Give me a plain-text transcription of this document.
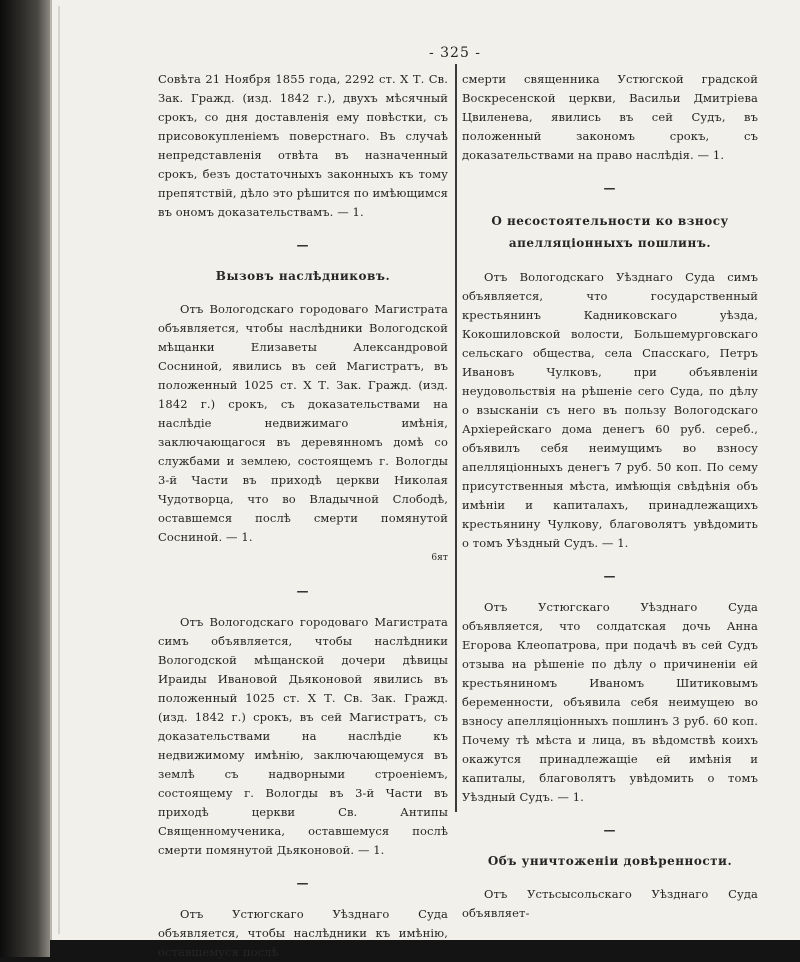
- 325 -

Совѣта 21 Ноября 1855 года, 2292 ст. Х Т. Св. Зак. Гражд. (изд. 1842 г.), двухъ мѣсячный срокъ, со дня доставленія ему повѣстки, съ присовокупленіемъ поверстнаго. Въ случаѣ непредставленія отвѣта въ назначенный срокъ, безъ достаточныхъ законныхъ къ тому препятствій, дѣло это рѣшится по имѣющимся въ ономъ доказательствамъ. — 1.

—
Вызовъ наслѣдниковъ.

Отъ Вологодскаго городоваго Магистрата объявляется, чтобы наслѣдники Вологодской мѣщанки Елизаветы Александровой Сосниной, явились въ сей Магистратъ, въ положенный 1025 ст. Х Т. Зак. Гражд. (изд. 1842 г.) срокъ, съ доказательствами на наслѣдіе недвижимаго имѣнія, заключающагося въ деревянномъ домѣ со службами и землею, состоящемъ г. Вологды 3-й Части въ приходѣ церкви Николая Чудотворца, что во Владычной Слободѣ, оставшемся послѣ смерти помянутой Сосниной. — 1.

6ят
—

Отъ Вологодскаго городоваго Магистрата симъ объявляется, чтобы наслѣдники Вологодской мѣщанской дочери дѣвицы Ираиды Ивановой Дьяконовой явились въ положенный 1025 ст. Х Т. Св. Зак. Гражд. (изд. 1842 г.) срокъ, въ сей Магистратъ, съ доказательствами на наслѣдіе къ недвижимому имѣнію, заключающемуся въ землѣ съ надворными строеніемъ, состоящему г. Вологды въ 3-й Части въ приходѣ церкви Св. Антипы Священномученика, оставшемуся послѣ смерти помянутой Дьяконовой. — 1.

—

Отъ Устюгскаго Уѣзднаго Суда объявляется, чтобы наслѣдники къ имѣнію, оставшемуся послѣ

смерти священника Устюгской градской Воскресенской церкви, Васильи Дмитріева Цвиленева, явились въ сей Судъ, въ положенный закономъ срокъ, съ доказательствами на право наслѣдія. — 1.

—
О несостоятельности ко взносу апелляціонныхъ пошлинъ.

Отъ Вологодскаго Уѣзднаго Суда симъ объявляется, что государственный крестьянинъ Кадниковскаго уѣзда, Кокошиловской волости, Большемурговскаго сельскаго общества, села Спасскаго, Петръ Ивановъ Чулковъ, при объявленіи неудовольствія на рѣшеніе сего Суда, по дѣлу о взысканіи съ него въ пользу Вологодскаго Архіерейскаго дома денегъ 60 руб. сереб., объявилъ себя неимущимъ во взносу апелляціонныхъ денегъ 7 руб. 50 коп. По сему присутственныя мѣста, имѣющія свѣдѣнія объ имѣніи и капиталахъ, принадлежащихъ крестьянину Чулкову, благоволятъ увѣдомить о томъ Уѣздный Судъ. — 1.

—

Отъ Устюгскаго Уѣзднаго Суда объявляется, что солдатская дочь Анна Егорова Клеопатрова, при подачѣ въ сей Судъ отзыва на рѣшеніе по дѣлу о причиненіи ей крестьяниномъ Иваномъ Шитиковымъ беременности, объявила себя неимущею во взносу апелляціонныхъ пошлинъ 3 руб. 60 коп. Почему тѣ мѣста и лица, въ вѣдомствѣ коихъ окажутся принадлежащіе ей имѣнія и капиталы, благоволятъ увѣдомить о томъ Уѣздный Судъ. — 1.

—
Объ уничтоженіи довѣренности.

Отъ Устьсысольскаго Уѣзднаго Суда объявляет-
